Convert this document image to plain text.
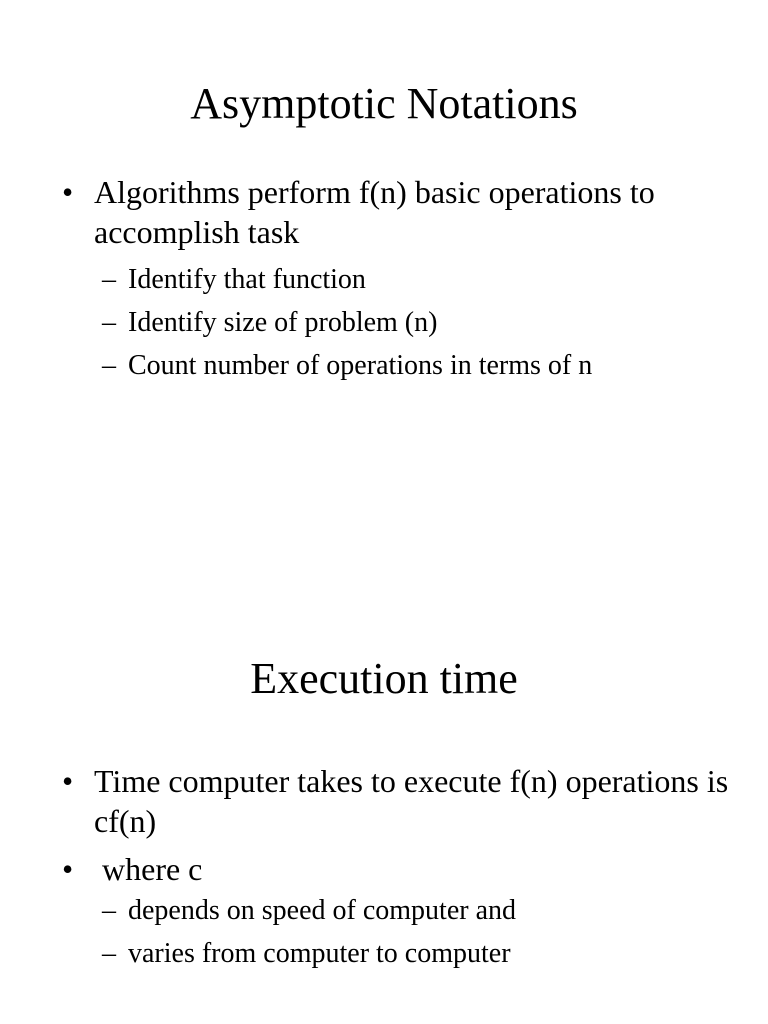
Asymptotic Notations
• Algorithms perform f(n) basic operations to accomplish task
– Identify that function
– Identify size of problem (n)
– Count number of operations in terms of n
Execution time
• Time computer takes to execute f(n) operations is cf(n)
• where c
– depends on speed of computer and
– varies from computer to computer
